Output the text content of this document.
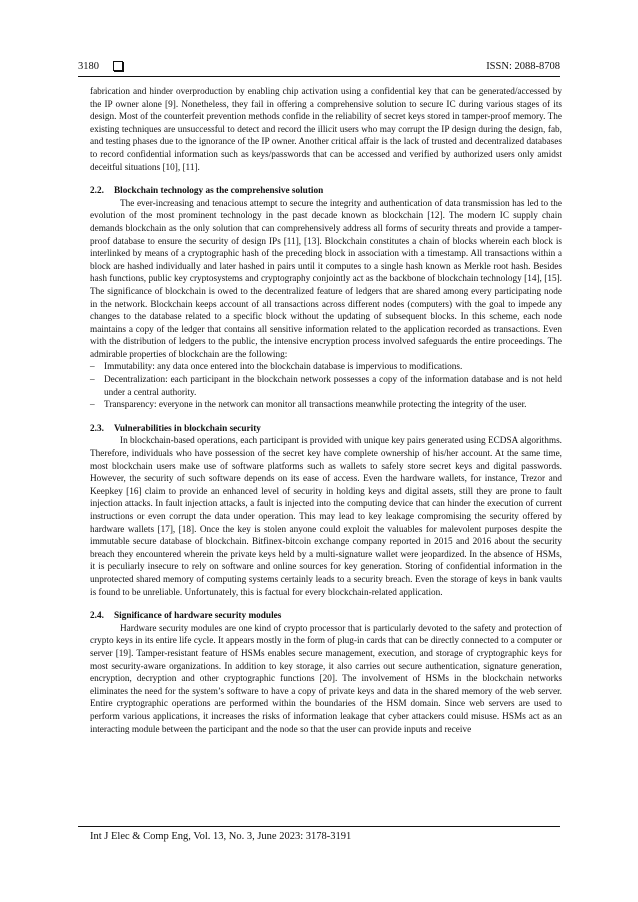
3180	ISSN: 2088-8708

fabrication and hinder overproduction by enabling chip activation using a confidential key that can be generated/accessed by the IP owner alone [9]. Nonetheless, they fail in offering a comprehensive solution to secure IC during various stages of its design. Most of the counterfeit prevention methods confide in the reliability of secret keys stored in tamper-proof memory. The existing techniques are unsuccessful to detect and record the illicit users who may corrupt the IP design during the design, fab, and testing phases due to the ignorance of the IP owner. Another critical affair is the lack of trusted and decentralized databases to record confidential information such as keys/passwords that can be accessed and verified by authorized users only amidst deceitful situations [10], [11].

2.2. Blockchain technology as the comprehensive solution

The ever-increasing and tenacious attempt to secure the integrity and authentication of data transmission has led to the evolution of the most prominent technology in the past decade known as blockchain [12]. The modern IC supply chain demands blockchain as the only solution that can comprehensively address all forms of security threats and provide a tamper-proof database to ensure the security of design IPs [11], [13]. Blockchain constitutes a chain of blocks wherein each block is interlinked by means of a cryptographic hash of the preceding block in association with a timestamp. All transactions within a block are hashed individually and later hashed in pairs until it computes to a single hash known as Merkle root hash. Besides hash functions, public key cryptosystems and cryptography conjointly act as the backbone of blockchain technology [14], [15]. The significance of blockchain is owed to the decentralized feature of ledgers that are shared among every participating node in the network. Blockchain keeps account of all transactions across different nodes (computers) with the goal to impede any changes to the database related to a specific block without the updating of subsequent blocks. In this scheme, each node maintains a copy of the ledger that contains all sensitive information related to the application recorded as transactions. Even with the distribution of ledgers to the public, the intensive encryption process involved safeguards the entire proceedings. The admirable properties of blockchain are the following:

– Immutability: any data once entered into the blockchain database is impervious to modifications.
– Decentralization: each participant in the blockchain network possesses a copy of the information database and is not held under a central authority.
– Transparency: everyone in the network can monitor all transactions meanwhile protecting the integrity of the user.
2.3. Vulnerabilities in blockchain security

In blockchain-based operations, each participant is provided with unique key pairs generated using ECDSA algorithms. Therefore, individuals who have possession of the secret key have complete ownership of his/her account. At the same time, most blockchain users make use of software platforms such as wallets to safely store secret keys and digital passwords. However, the security of such software depends on its ease of access. Even the hardware wallets, for instance, Trezor and Keepkey [16] claim to provide an enhanced level of security in holding keys and digital assets, still they are prone to fault injection attacks. In fault injection attacks, a fault is injected into the computing device that can hinder the execution of current instructions or even corrupt the data under operation. This may lead to key leakage compromising the security offered by hardware wallets [17], [18]. Once the key is stolen anyone could exploit the valuables for malevolent purposes despite the immutable secure database of blockchain. Bitfinex-bitcoin exchange company reported in 2015 and 2016 about the security breach they encountered wherein the private keys held by a multi-signature wallet were jeopardized. In the absence of HSMs, it is peculiarly insecure to rely on software and online sources for key generation. Storing of confidential information in the unprotected shared memory of computing systems certainly leads to a security breach. Even the storage of keys in bank vaults is found to be unreliable. Unfortunately, this is factual for every blockchain-related application.

2.4. Significance of hardware security modules

Hardware security modules are one kind of crypto processor that is particularly devoted to the safety and protection of crypto keys in its entire life cycle. It appears mostly in the form of plug-in cards that can be directly connected to a computer or server [19]. Tamper-resistant feature of HSMs enables secure management, execution, and storage of cryptographic keys for most security-aware organizations. In addition to key storage, it also carries out secure authentication, signature generation, encryption, decryption and other cryptographic functions [20]. The involvement of HSMs in the blockchain networks eliminates the need for the system’s software to have a copy of private keys and data in the shared memory of the web server. Entire cryptographic operations are performed within the boundaries of the HSM domain. Since web servers are used to perform various applications, it increases the risks of information leakage that cyber attackers could misuse. HSMs act as an interacting module between the participant and the node so that the user can provide inputs and receive

Int J Elec & Comp Eng, Vol. 13, No. 3, June 2023: 3178-3191
